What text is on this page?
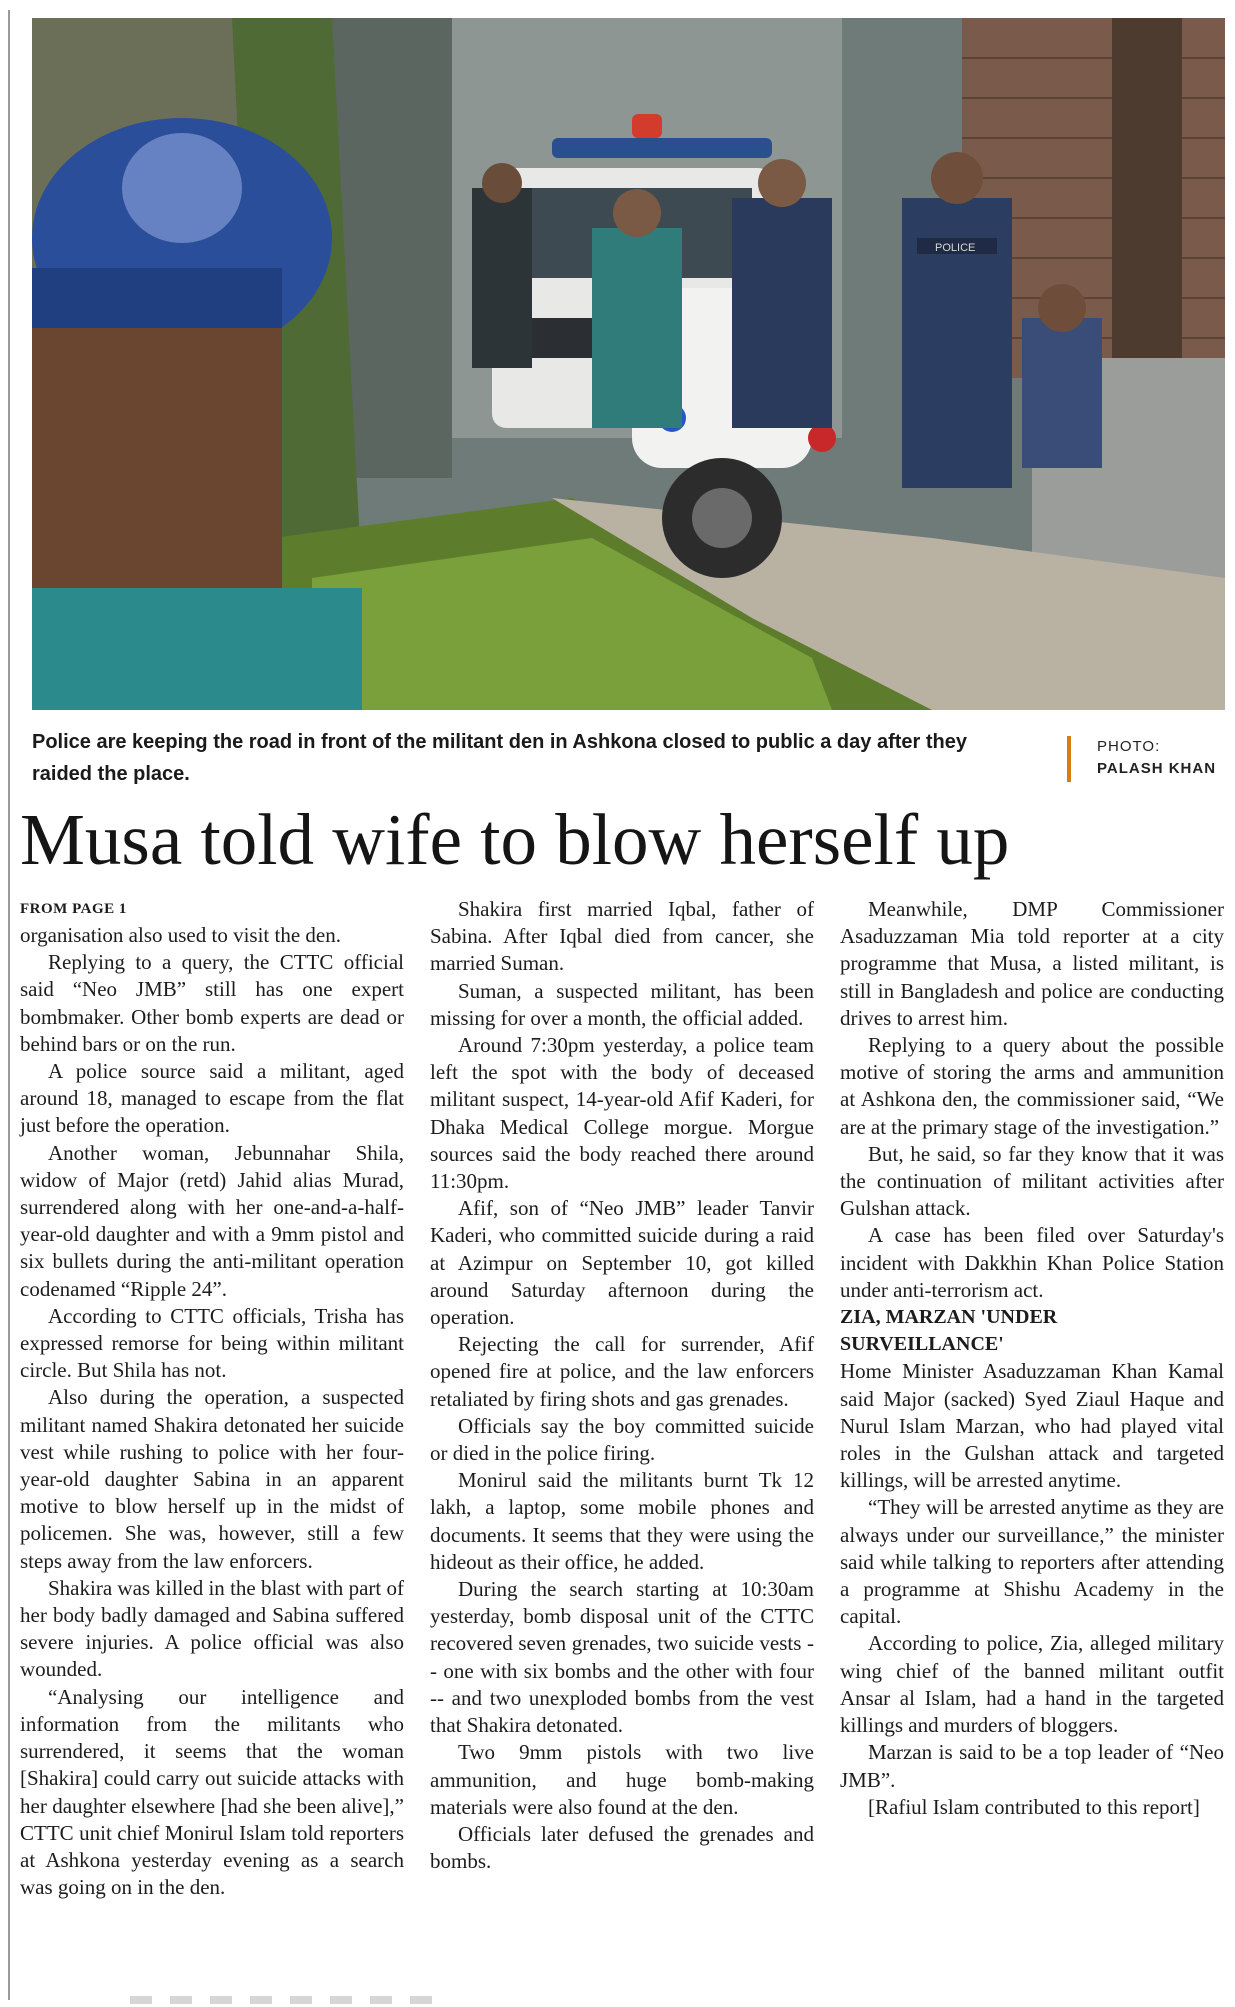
POLICE
Police are keeping the road in front of the militant den in Ashkona closed to public a day after they raided the place.
PHOTO:
PALASH KHAN
Musa told wife to blow herself up
FROM PAGE 1

organisation also used to visit the den.

Replying to a query, the CTTC official said “Neo JMB” still has one expert bombmaker. Other bomb experts are dead or behind bars or on the run.

A police source said a militant, aged around 18, managed to escape from the flat just before the operation.

Another woman, Jebunnahar Shila, widow of Major (retd) Jahid alias Murad, surrendered along with her one-and-a-half-year-old daughter and with a 9mm pistol and six bullets during the anti-militant operation codenamed “Ripple 24”.

According to CTTC officials, Trisha has expressed remorse for being within militant circle. But Shila has not.

Also during the operation, a suspected militant named Shakira detonated her suicide vest while rushing to police with her four-year-old daughter Sabina in an apparent motive to blow herself up in the midst of policemen. She was, however, still a few steps away from the law enforcers.

Shakira was killed in the blast with part of her body badly damaged and Sabina suffered severe injuries. A police official was also wounded.

“Analysing our intelligence and information from the militants who surrendered, it seems that the woman [Shakira] could carry out suicide attacks with her daughter elsewhere [had she been alive],” CTTC unit chief Monirul Islam told reporters at Ashkona yesterday evening as a search was going on in the den.

Shakira first married Iqbal, father of Sabina. After Iqbal died from cancer, she married Suman.

Suman, a suspected militant, has been missing for over a month, the official added.

Around 7:30pm yesterday, a police team left the spot with the body of deceased militant suspect, 14-year-old Afif Kaderi, for Dhaka Medical College morgue. Morgue sources said the body reached there around 11:30pm.

Afif, son of “Neo JMB” leader Tanvir Kaderi, who committed suicide during a raid at Azimpur on September 10, got killed around Saturday afternoon during the operation.

Rejecting the call for surrender, Afif opened fire at police, and the law enforcers retaliated by firing shots and gas grenades.

Officials say the boy committed suicide or died in the police firing.

Monirul said the militants burnt Tk 12 lakh, a laptop, some mobile phones and documents. It seems that they were using the hideout as their office, he added.

During the search starting at 10:30am yesterday, bomb disposal unit of the CTTC recovered seven grenades, two suicide vests -- one with six bombs and the other with four -- and two unexploded bombs from the vest that Shakira detonated.

Two 9mm pistols with two live ammunition, and huge bomb-making materials were also found at the den.

Officials later defused the grenades and bombs.

Meanwhile, DMP Commissioner Asaduzzaman Mia told reporter at a city programme that Musa, a listed militant, is still in Bangladesh and police are conducting drives to arrest him.

Replying to a query about the possible motive of storing the arms and ammunition at Ashkona den, the commissioner said, “We are at the primary stage of the investigation.”

But, he said, so far they know that it was the continuation of militant activities after Gulshan attack.

A case has been filed over Saturday's incident with Dakkhin Khan Police Station under anti-terrorism act.

ZIA, MARZAN 'UNDER SURVEILLANCE'

Home Minister Asaduzzaman Khan Kamal said Major (sacked) Syed Ziaul Haque and Nurul Islam Marzan, who had played vital roles in the Gulshan attack and targeted killings, will be arrested anytime.

“They will be arrested anytime as they are always under our surveillance,” the minister said while talking to reporters after attending a programme at Shishu Academy in the capital.

According to police, Zia, alleged military wing chief of the banned militant outfit Ansar al Islam, had a hand in the targeted killings and murders of bloggers.

Marzan is said to be a top leader of “Neo JMB”.

[Rafiul Islam contributed to this report]
